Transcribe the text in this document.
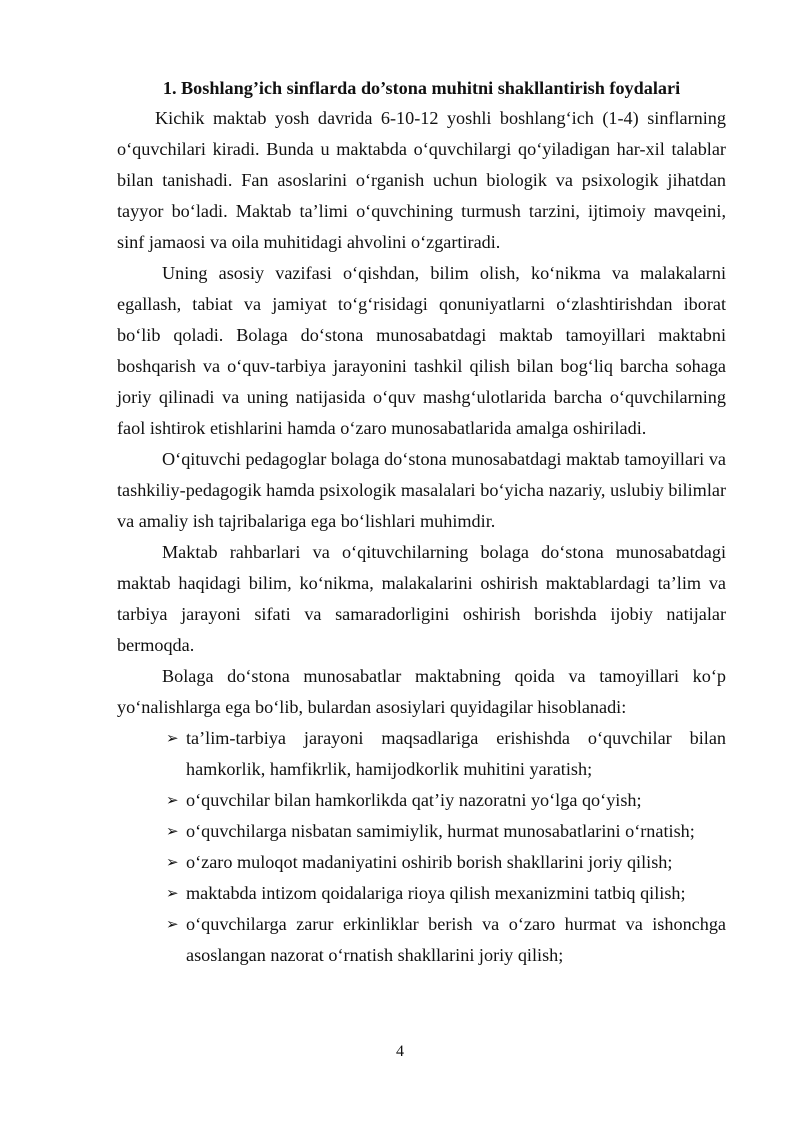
1. Boshlang’ich sinflarda do’stona muhitni shakllantirish foydalari

Kichik maktab yosh davrida 6-10-12 yoshli boshlang‘ich (1-4) sinflarning o‘quvchilari kiradi. Bunda u maktabda o‘quvchilargi qo‘yiladigan har-xil talablar bilan tanishadi. Fan asoslarini o‘rganish uchun biologik va psixologik jihatdan tayyor bo‘ladi. Maktab ta’limi o‘quvchining turmush tarzini, ijtimoiy mavqeini, sinf jamaosi va oila muhitidagi ahvolini o‘zgartiradi.

Uning asosiy vazifasi o‘qishdan, bilim olish, ko‘nikma va malakalarni egallash, tabiat va jamiyat to‘g‘risidagi qonuniyatlarni o‘zlashtirishdan iborat bo‘lib qoladi. Bolaga do‘stona munosabatdagi maktab tamoyillari maktabni boshqarish va o‘quv-tarbiya jarayonini tashkil qilish bilan bog‘liq barcha sohaga joriy qilinadi va uning natijasida o‘quv mashg‘ulotlarida barcha o‘quvchilarning faol ishtirok etishlarini hamda o‘zaro munosabatlarida amalga oshiriladi.

O‘qituvchi pedagoglar bolaga do‘stona munosabatdagi maktab tamoyillari va tashkiliy-pedagogik hamda psixologik masalalari bo‘yicha nazariy, uslubiy bilimlar va amaliy ish tajribalariga ega bo‘lishlari muhimdir.

Maktab rahbarlari va o‘qituvchilarning bolaga do‘stona munosabatdagi maktab haqidagi bilim, ko‘nikma, malakalarini oshirish maktablardagi ta’lim va tarbiya jarayoni sifati va samaradorligini oshirish borishda ijobiy natijalar bermoqda.

Bolaga do‘stona munosabatlar maktabning qoida va tamoyillari ko‘p yo‘nalishlarga ega bo‘lib, bulardan asosiylari quyidagilar hisoblanadi:

➢ ta’lim-tarbiya jarayoni maqsadlariga erishishda o‘quvchilar bilan hamkorlik, hamfikrlik, hamijodkorlik muhitini yaratish;
➢ o‘quvchilar bilan hamkorlikda qat’iy nazoratni yo‘lga qo‘yish;
➢ o‘quvchilarga nisbatan samimiylik, hurmat munosabatlarini o‘rnatish;
➢ o‘zaro muloqot madaniyatini oshirib borish shakllarini joriy qilish;
➢ maktabda intizom qoidalariga rioya qilish mexanizmini tatbiq qilish;
➢ o‘quvchilarga zarur erkinliklar berish va o‘zaro hurmat va ishonchga asoslangan nazorat o‘rnatish shakllarini joriy qilish;
4
